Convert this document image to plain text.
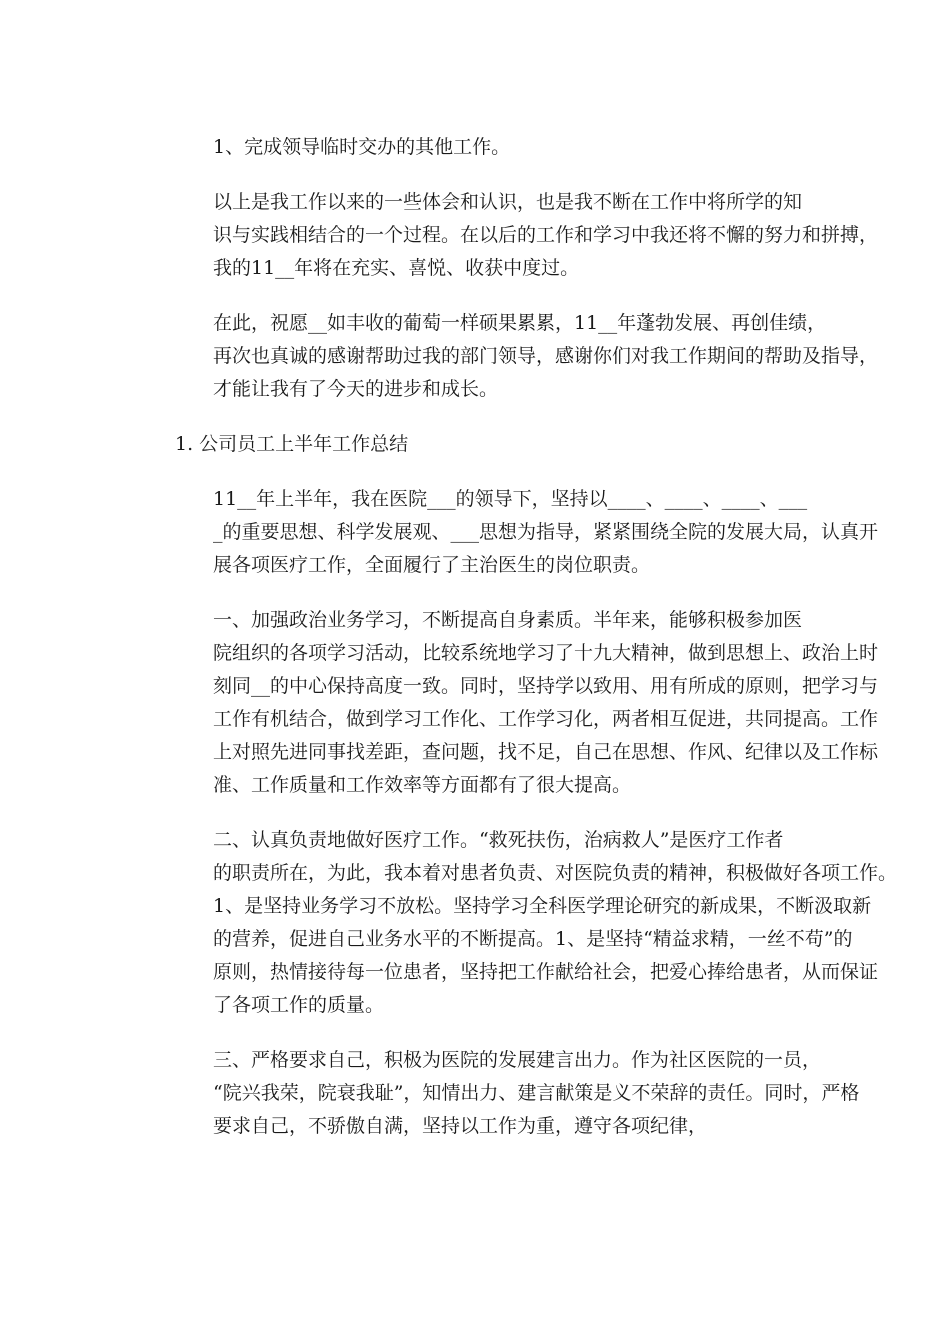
1、完成领导临时交办的其他工作。

以上是我工作以来的一些体会和认识，也是我不断在工作中将所学的知
识与实践相结合的一个过程。在以后的工作和学习中我还将不懈的努力和拼搏，
我的11__年将在充实、喜悦、收获中度过。

在此，祝愿__如丰收的葡萄一样硕果累累，11__年蓬勃发展、再创佳绩，
再次也真诚的感谢帮助过我的部门领导，感谢你们对我工作期间的帮助及指导，
才能让我有了今天的进步和成长。

1. 公司员工上半年工作总结

11__年上半年，我在医院___的领导下，坚持以____、____、____、___
_的重要思想、科学发展观、___思想为指导，紧紧围绕全院的发展大局，认真开
展各项医疗工作，全面履行了主治医生的岗位职责。

一、加强政治业务学习，不断提高自身素质。半年来，能够积极参加医
院组织的各项学习活动，比较系统地学习了十九大精神，做到思想上、政治上时
刻同__的中心保持高度一致。同时，坚持学以致用、用有所成的原则，把学习与
工作有机结合，做到学习工作化、工作学习化，两者相互促进，共同提高。工作
上对照先进同事找差距，查问题，找不足，自己在思想、作风、纪律以及工作标
准、工作质量和工作效率等方面都有了很大提高。

二、认真负责地做好医疗工作。“救死扶伤，治病救人”是医疗工作者
的职责所在，为此，我本着对患者负责、对医院负责的精神，积极做好各项工作。
1、是坚持业务学习不放松。坚持学习全科医学理论研究的新成果，不断汲取新
的营养，促进自己业务水平的不断提高。1、是坚持“精益求精，一丝不苟”的
原则，热情接待每一位患者，坚持把工作献给社会，把爱心捧给患者，从而保证
了各项工作的质量。

三、严格要求自己，积极为医院的发展建言出力。作为社区医院的一员，
“院兴我荣，院衰我耻”，知情出力、建言献策是义不荣辞的责任。同时，严格
要求自己，不骄傲自满，坚持以工作为重，遵守各项纪律，
